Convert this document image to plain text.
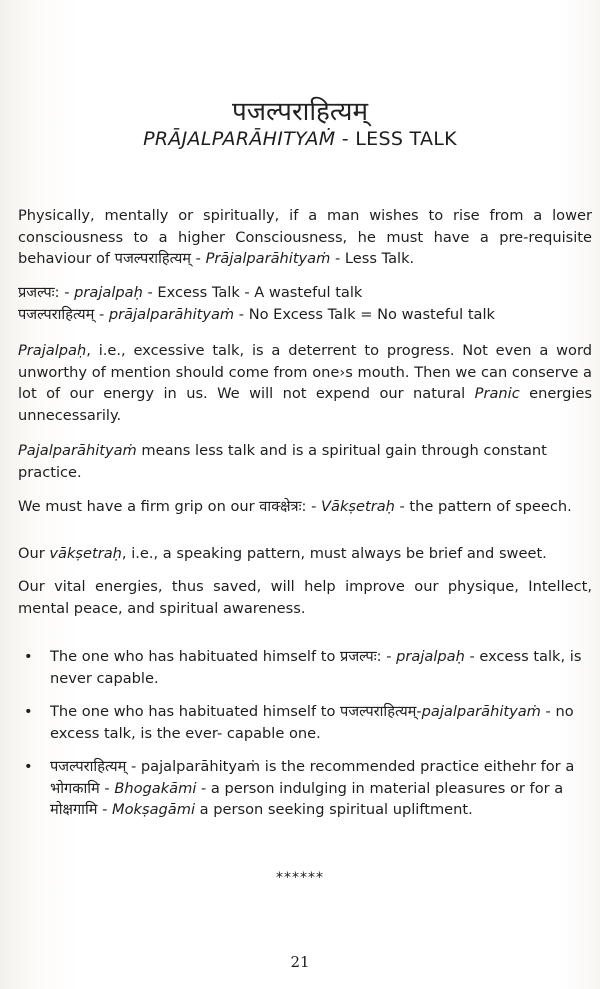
पजल्पराहित्यम्
PRĀJALPARĀHITYAṀ - LESS TALK

Physically, mentally or spiritually, if a man wishes to rise from a lower consciousness to a higher Consciousness, he must have a pre-requisite behaviour of पजल्पराहित्यम् - Prājalparāhityaṁ - Less Talk.

प्रजल्पः: - prajalpaḥ - Excess Talk - A wasteful talk

पजल्पराहित्यम् - prājalparāhityaṁ - No Excess Talk = No wasteful talk

Prajalpaḥ, i.e., excessive talk, is a deterrent to progress. Not even a word unworthy of mention should come from one›s mouth. Then we can conserve a lot of our energy in us. We will not expend our natural Pranic energies unnecessarily.

Pajalparāhityaṁ means less talk and is a spiritual gain through constant practice.

We must have a firm grip on our वाक्क्षेत्रः: - Vākṣetraḥ - the pattern of speech.

Our vākṣetraḥ, i.e., a speaking pattern, must always be brief and sweet.

Our vital energies, thus saved, will help improve our physique, Intellect, mental peace, and spiritual awareness.

• The one who has habituated himself to प्रजल्पः: - prajalpaḥ - excess talk, is never capable.
• The one who has habituated himself to पजल्पराहित्यम्-pajalparāhityaṁ - no excess talk, is the ever- capable one.
• पजल्पराहित्यम् - pajalparāhityaṁ is the recommended practice eithehr for a भोगकामि - Bhogakāmi - a person indulging in material pleasures or for a मोक्षगामि - Mokṣagāmi a person seeking spiritual upliftment.
******
21
